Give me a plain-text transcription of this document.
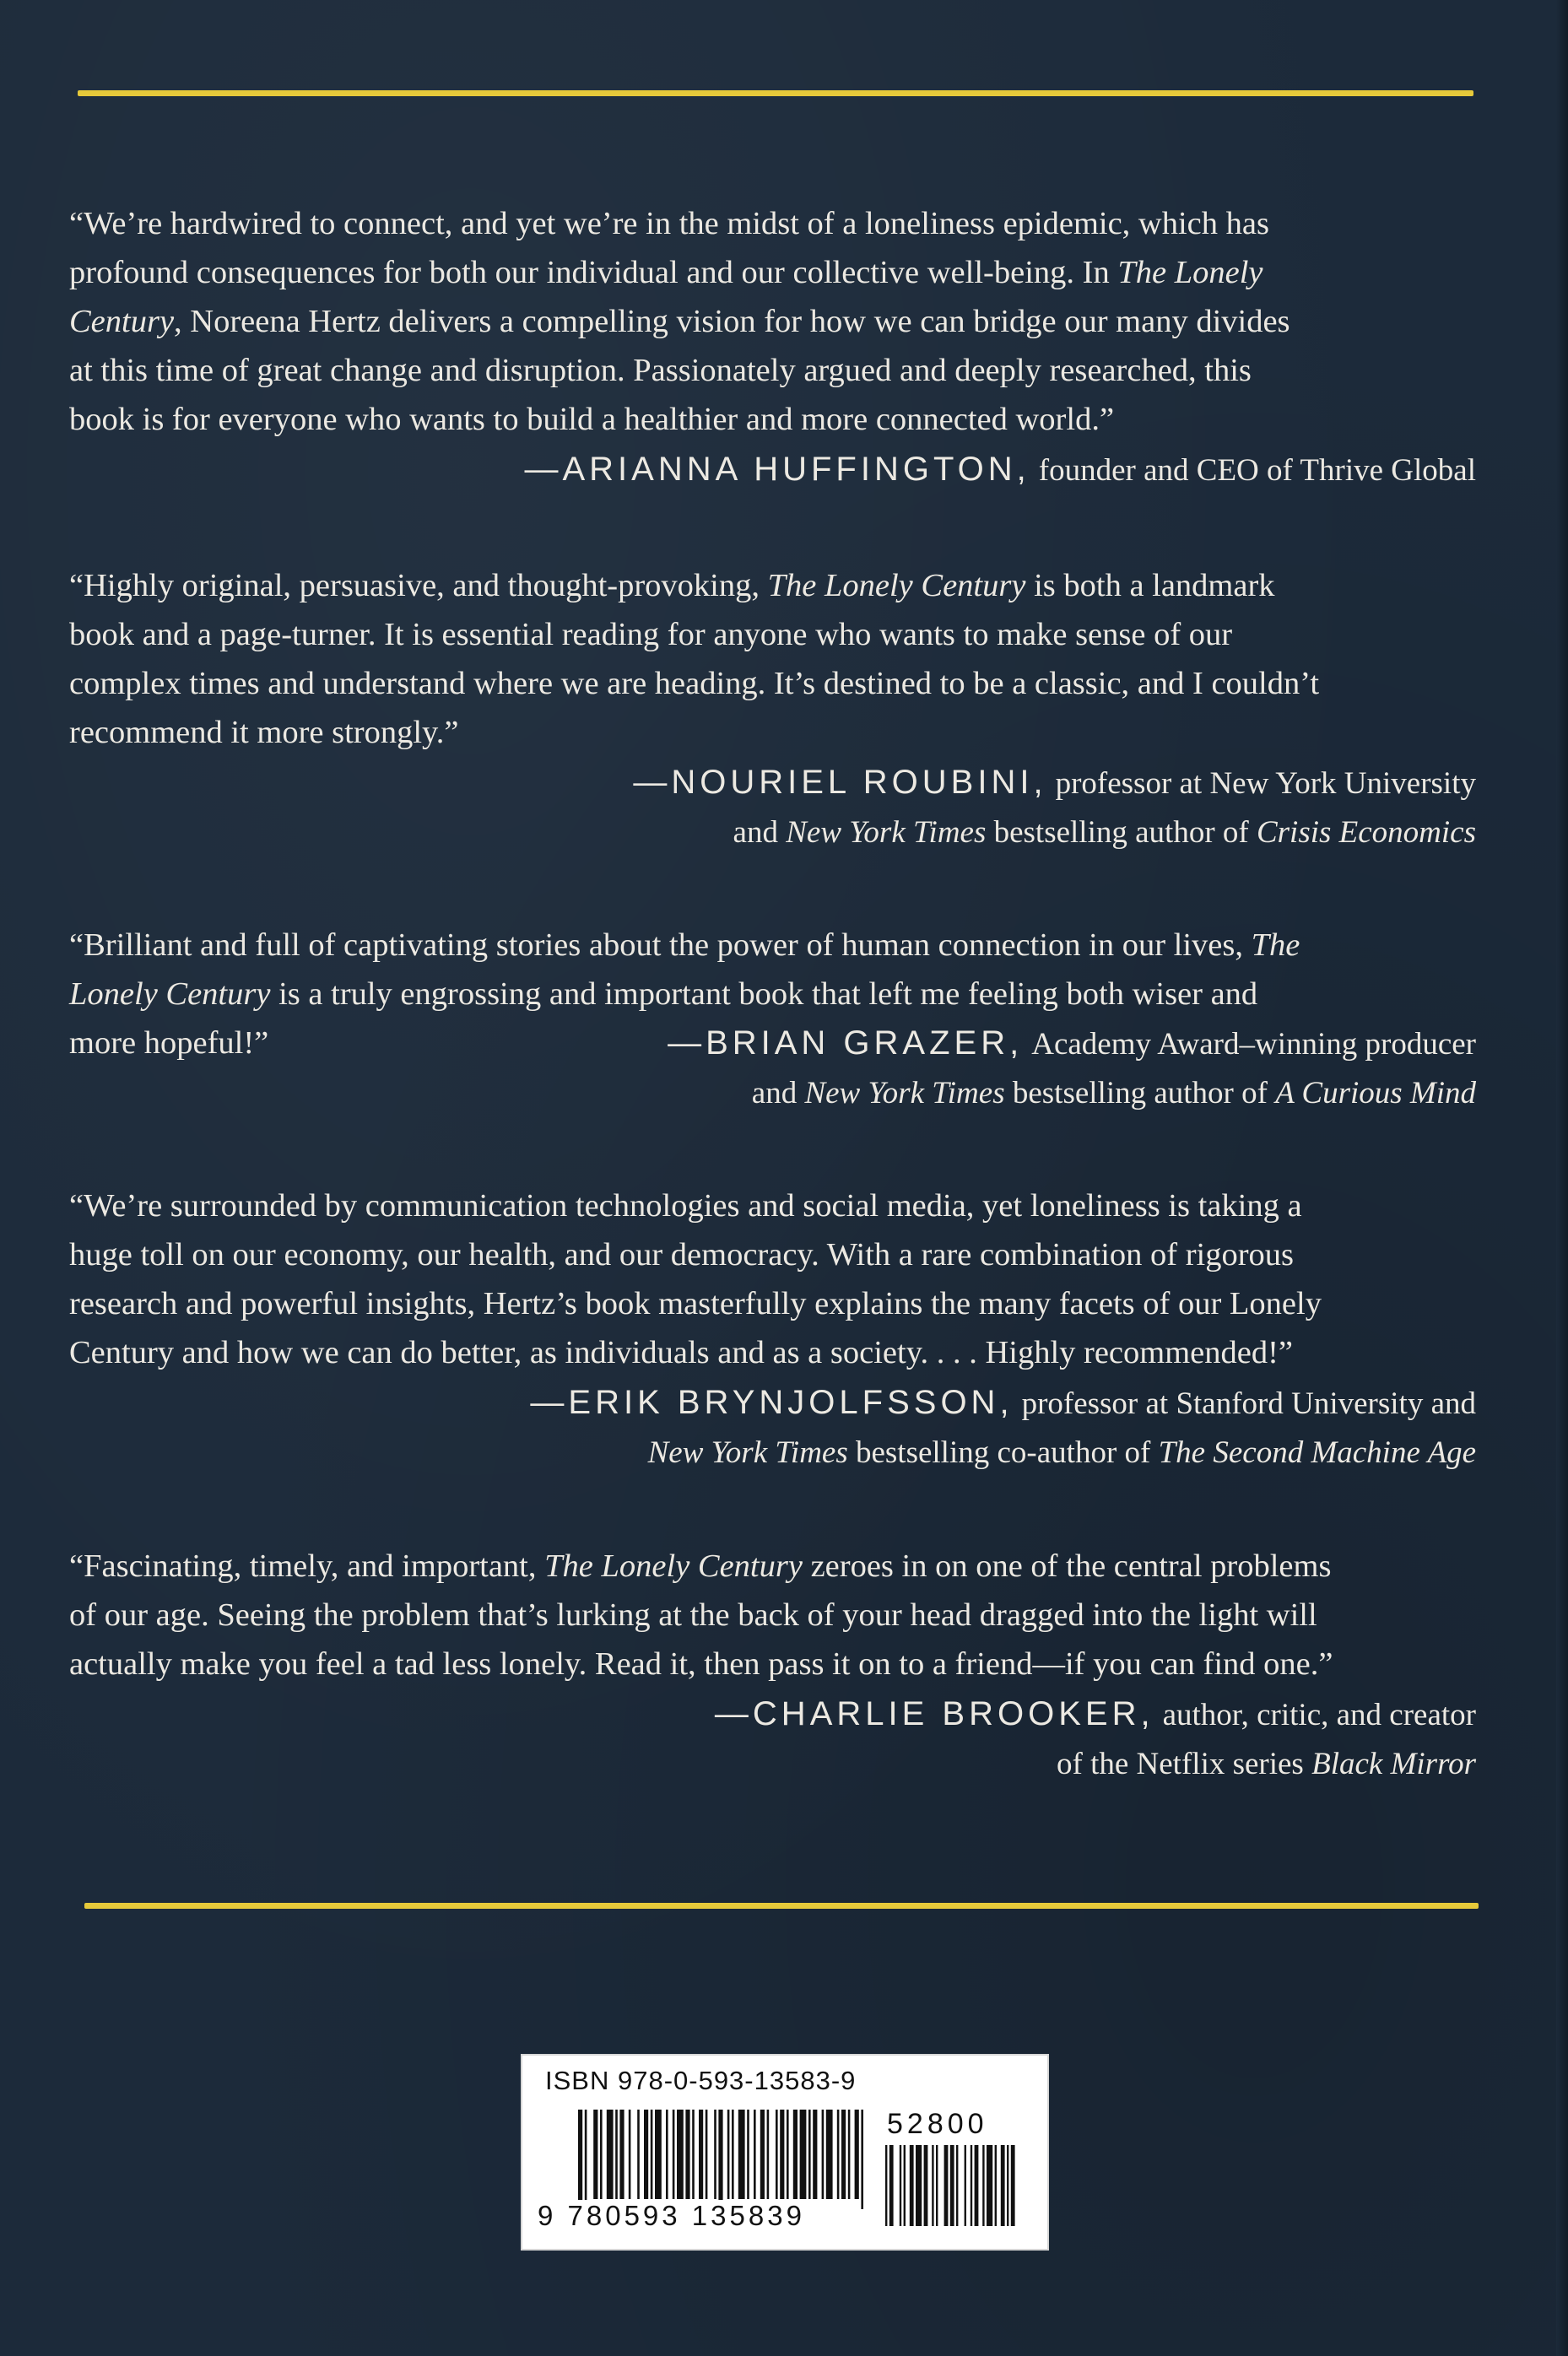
“We’re hardwired to connect, and yet we’re in the midst of a loneliness epidemic, which has
profound consequences for both our individual and our collective well-being. In The Lonely
Century, Noreena Hertz delivers a compelling vision for how we can bridge our many divides
at this time of great change and disruption. Passionately argued and deeply researched, this
book is for everyone who wants to build a healthier and more connected world.”
—ARIANNA HUFFINGTON, founder and CEO of Thrive Global
“Highly original, persuasive, and thought-provoking, The Lonely Century is both a landmark
book and a page-turner. It is essential reading for anyone who wants to make sense of our
complex times and understand where we are heading. It’s destined to be a classic, and I couldn’t
recommend it more strongly.”
—NOURIEL ROUBINI, professor at New York University
and New York Times bestselling author of Crisis Economics
“Brilliant and full of captivating stories about the power of human connection in our lives, The
Lonely Century is a truly engrossing and important book that left me feeling both wiser and
more hopeful!”	—BRIAN GRAZER, Academy Award–winning producer
and New York Times bestselling author of A Curious Mind
“We’re surrounded by communication technologies and social media, yet loneliness is taking a
huge toll on our economy, our health, and our democracy. With a rare combination of rigorous
research and powerful insights, Hertz’s book masterfully explains the many facets of our Lonely
Century and how we can do better, as individuals and as a society. . . . Highly recommended!”
—ERIK BRYNJOLFSSON, professor at Stanford University and
New York Times bestselling co-author of The Second Machine Age
“Fascinating, timely, and important, The Lonely Century zeroes in on one of the central problems
of our age. Seeing the problem that’s lurking at the back of your head dragged into the light will
actually make you feel a tad less lonely. Read it, then pass it on to a friend—if you can find one.”
—CHARLIE BROOKER, author, critic, and creator
of the Netflix series Black Mirror
ISBN 978-0-593-13583-9
52800
9 780593 135839
